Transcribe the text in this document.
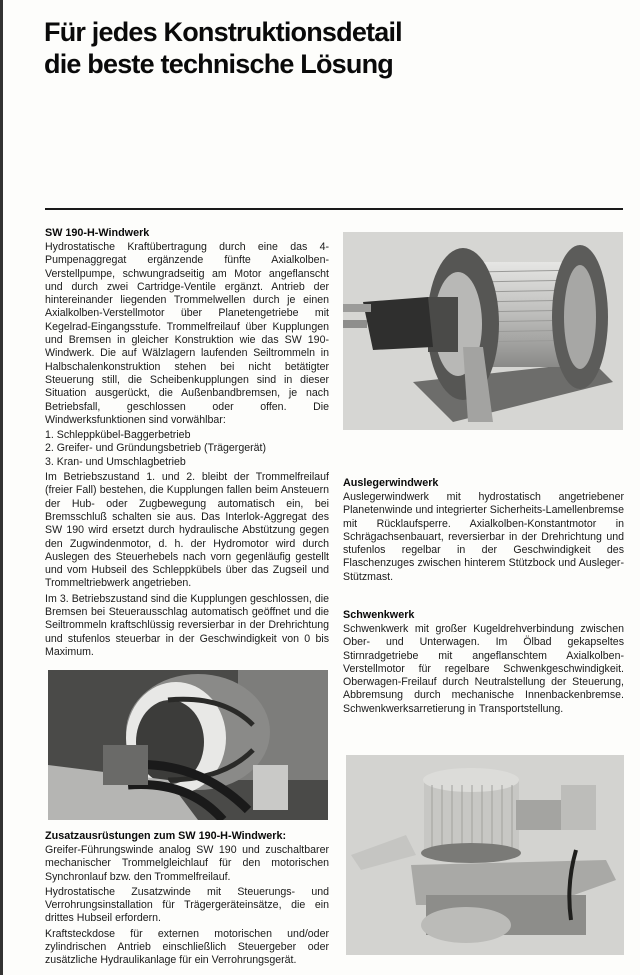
Für jedes Konstruktionsdetail
die beste technische Lösung
SW 190-H-Windwerk

Hydrostatische Kraftübertragung durch eine das 4-Pumpenaggregat ergänzende fünfte Axialkolben-Verstellpumpe, schwungradseitig am Motor angeflanscht und durch zwei Cartridge-Ventile ergänzt. Antrieb der hintereinander liegenden Trommelwellen durch je einen Axialkolben-Verstellmotor über Planetengetriebe mit Kegelrad-Eingangsstufe. Trommelfreilauf über Kupplungen und Bremsen in gleicher Konstruktion wie das SW 190-Windwerk. Die auf Wälzlagern laufenden Seiltrommeln in Halbschalenkonstruktion stehen bei nicht betätigter Steuerung still, die Scheibenkupplungen sind in dieser Situation ausgerückt, die Außenbandbremsen, je nach Betriebsfall, geschlossen oder offen. Die Windwerksfunktionen sind vorwählbar:

1. Schleppkübel-Baggerbetrieb
2. Greifer- und Gründungsbetrieb (Trägergerät)
3. Kran- und Umschlagbetrieb

Im Betriebszustand 1. und 2. bleibt der Trommelfreilauf (freier Fall) bestehen, die Kupplungen fallen beim Ansteuern der Hub- oder Zugbewegung automatisch ein, bei Bremsschluß schalten sie aus. Das Interlok-Aggregat des SW 190 wird ersetzt durch hydraulische Abstützung gegen den Zugwindenmotor, d. h. der Hydromotor wird durch Auslegen des Steuerhebels nach vorn gegenläufig gestellt und vom Hubseil des Schleppkübels über das Zugseil und Trommeltriebwerk angetrieben.

Im 3. Betriebszustand sind die Kupplungen geschlossen, die Bremsen bei Steuerausschlag automatisch geöffnet und die Seiltrommeln kraftschlüssig reversierbar in der Drehrichtung und stufenlos steuerbar in der Geschwindigkeit von 0 bis Maximum.

Auslegerwindwerk

Auslegerwindwerk mit hydrostatisch angetriebener Planetenwinde und integrierter Sicherheits-Lamellenbremse mit Rücklaufsperre. Axialkolben-Konstantmotor in Schrägachsenbauart, reversierbar in der Drehrichtung und stufenlos regelbar in der Geschwindigkeit des Flaschenzuges zwischen hinterem Stützbock und Ausleger-Stützmast.

Schwenkwerk

Schwenkwerk mit großer Kugeldrehverbindung zwischen Ober- und Unterwagen. Im Ölbad gekapseltes Stirnradgetriebe mit angeflanschtem Axialkolben-Verstellmotor für regelbare Schwenkgeschwindigkeit. Oberwagen-Freilauf durch Neutralstellung der Steuerung, Abbremsung durch mechanische Innenbackenbremse. Schwenkwerksarretierung in Transportstellung.

Zusatzausrüstungen zum SW 190-H-Windwerk:

Greifer-Führungswinde analog SW 190 und zuschaltbarer mechanischer Trommelgleichlauf für den motorischen Synchronlauf bzw. den Trommelfreilauf.

Hydrostatische Zusatzwinde mit Steuerungs- und Verrohrungsinstallation für Trägergeräteinsätze, die ein drittes Hubseil erfordern.

Kraftsteckdose für externen motorischen und/oder zylindrischen Antrieb einschließlich Steuergeber oder zusätzliche Hydraulikanlage für ein Verrohrungsgerät.
